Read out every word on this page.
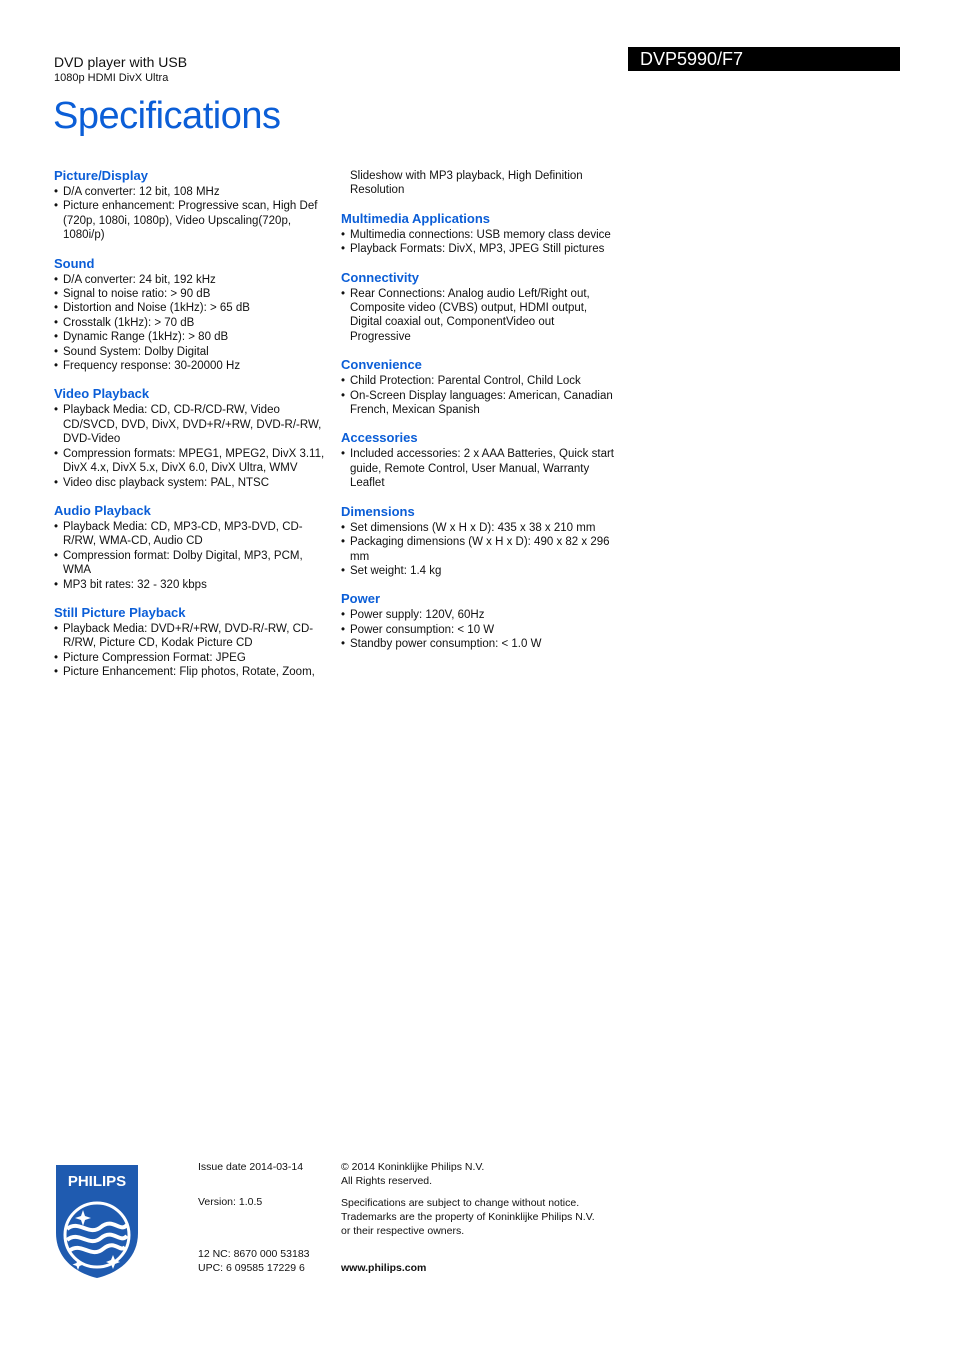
DVD player with USB
1080p HDMI DivX Ultra
DVP5990/F7
Specifications
Picture/Display
• D/A converter: 12 bit, 108 MHz
• Picture enhancement: Progressive scan, High Def (720p, 1080i, 1080p), Video Upscaling(720p, 1080i/p)
Sound
• D/A converter: 24 bit, 192 kHz
• Signal to noise ratio: > 90 dB
• Distortion and Noise (1kHz): > 65 dB
• Crosstalk (1kHz): > 70 dB
• Dynamic Range (1kHz): > 80 dB
• Sound System: Dolby Digital
• Frequency response: 30-20000 Hz
Video Playback
• Playback Media: CD, CD-R/CD-RW, Video CD/SVCD, DVD, DivX, DVD+R/+RW, DVD-R/-RW, DVD-Video
• Compression formats: MPEG1, MPEG2, DivX 3.11, DivX 4.x, DivX 5.x, DivX 6.0, DivX Ultra, WMV
• Video disc playback system: PAL, NTSC
Audio Playback
• Playback Media: CD, MP3-CD, MP3-DVD, CD-R/RW, WMA-CD, Audio CD
• Compression format: Dolby Digital, MP3, PCM, WMA
• MP3 bit rates: 32 - 320 kbps
Still Picture Playback
• Playback Media: DVD+R/+RW, DVD-R/-RW, CD-R/RW, Picture CD, Kodak Picture CD
• Picture Compression Format: JPEG
• Picture Enhancement: Flip photos, Rotate, Zoom,
Slideshow with MP3 playback, High Definition Resolution
Multimedia Applications
• Multimedia connections: USB memory class device
• Playback Formats: DivX, MP3, JPEG Still pictures
Connectivity
• Rear Connections: Analog audio Left/Right out, Composite video (CVBS) output, HDMI output, Digital coaxial out, ComponentVideo out Progressive
Convenience
• Child Protection: Parental Control, Child Lock
• On-Screen Display languages: American, Canadian French, Mexican Spanish
Accessories
• Included accessories: 2 x AAA Batteries, Quick start guide, Remote Control, User Manual, Warranty Leaflet
Dimensions
• Set dimensions (W x H x D): 435 x 38 x 210 mm
• Packaging dimensions (W x H x D): 490 x 82 x 296 mm
• Set weight: 1.4 kg
Power
• Power supply: 120V, 60Hz
• Power consumption: < 10 W
• Standby power consumption: < 1.0 W
PHILIPS
Issue date 2014-03-14
Version: 1.0.5
12 NC: 8670 000 53183
UPC: 6 09585 17229 6
© 2014 Koninklijke Philips N.V.
All Rights reserved.
Specifications are subject to change without notice.
Trademarks are the property of Koninklijke Philips N.V.
or their respective owners.
www.philips.com
